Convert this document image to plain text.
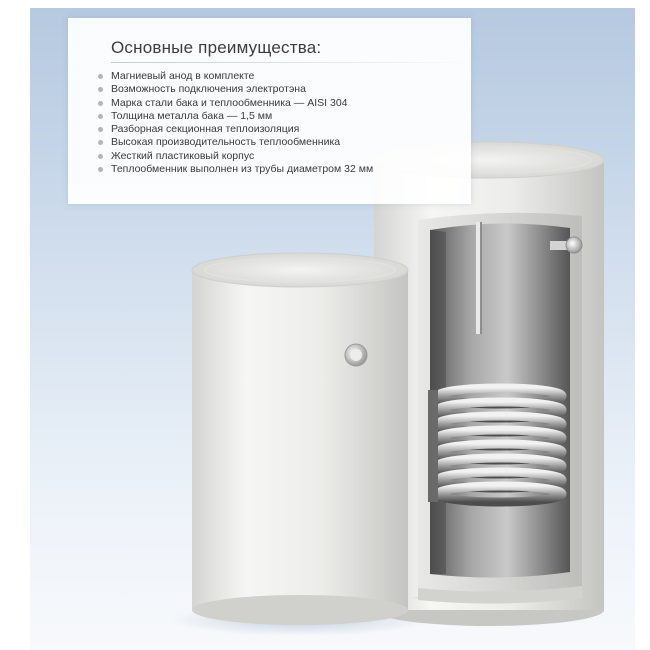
Основные преимущества:
Магниевый анод в комплекте
Возможность подключения электротэна
Марка стали бака и теплообменника — AISI 304
Толщина металла бака — 1,5 мм
Разборная секционная теплоизоляция
Высокая производительность теплообменника
Жесткий пластиковый корпус
Теплообменник выполнен из трубы диаметром 32 мм
